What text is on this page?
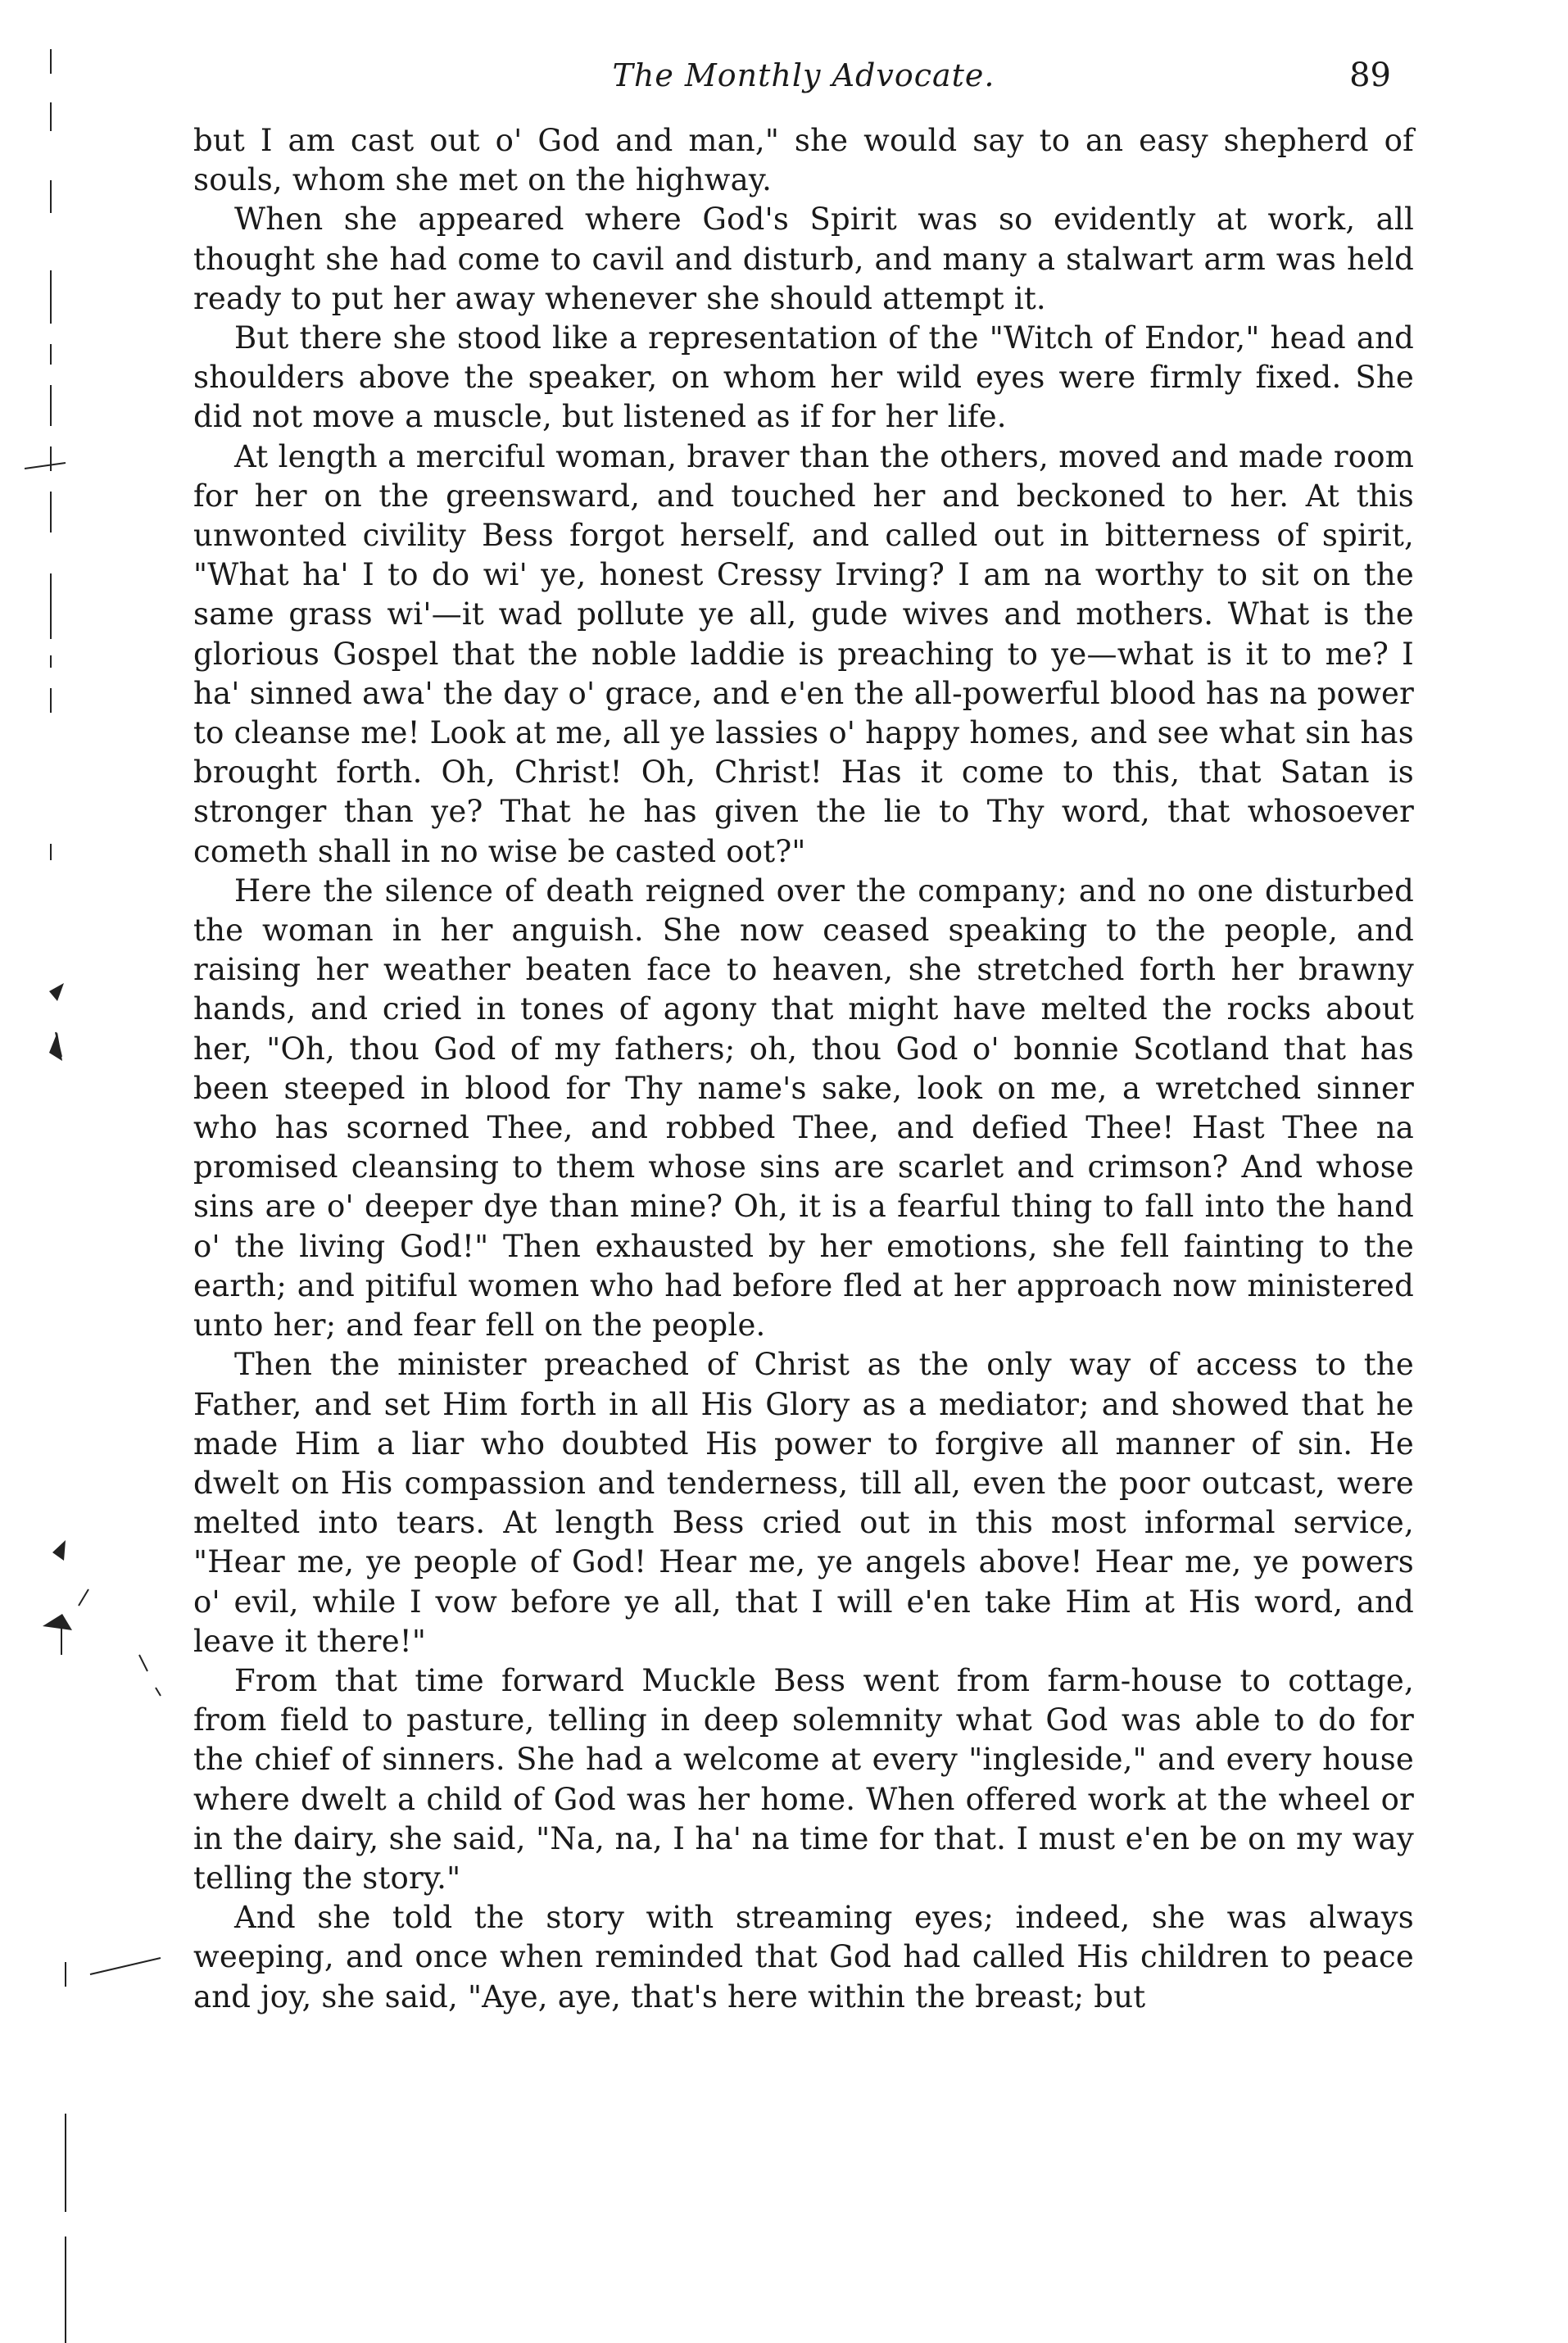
The Monthly Advocate.	89

but I am cast out o' God and man," she would say to an easy shepherd of souls, whom she met on the highway.

When she appeared where God's Spirit was so evidently at work, all thought she had come to cavil and disturb, and many a stalwart arm was held ready to put her away whenever she should attempt it.

But there she stood like a representation of the "Witch of Endor," head and shoulders above the speaker, on whom her wild eyes were firmly fixed. She did not move a muscle, but listened as if for her life.

At length a merciful woman, braver than the others, moved and made room for her on the greensward, and touched her and beckoned to her. At this unwonted civility Bess forgot herself, and called out in bitterness of spirit, "What ha' I to do wi' ye, honest Cressy Irving? I am na worthy to sit on the same grass wi'—it wad pollute ye all, gude wives and mothers. What is the glorious Gospel that the noble laddie is preaching to ye—what is it to me? I ha' sinned awa' the day o' grace, and e'en the all-powerful blood has na power to cleanse me! Look at me, all ye lassies o' happy homes, and see what sin has brought forth. Oh, Christ! Oh, Christ! Has it come to this, that Satan is stronger than ye? That he has given the lie to Thy word, that whosoever cometh shall in no wise be casted oot?"

Here the silence of death reigned over the company; and no one disturbed the woman in her anguish. She now ceased speaking to the people, and raising her weather beaten face to heaven, she stretched forth her brawny hands, and cried in tones of agony that might have melted the rocks about her, "Oh, thou God of my fathers; oh, thou God o' bonnie Scotland that has been steeped in blood for Thy name's sake, look on me, a wretched sinner who has scorned Thee, and robbed Thee, and defied Thee! Hast Thee na promised cleansing to them whose sins are scarlet and crimson? And whose sins are o' deeper dye than mine? Oh, it is a fearful thing to fall into the hand o' the living God!" Then exhausted by her emotions, she fell fainting to the earth; and pitiful women who had before fled at her approach now ministered unto her; and fear fell on the people.

Then the minister preached of Christ as the only way of access to the Father, and set Him forth in all His Glory as a mediator; and showed that he made Him a liar who doubted His power to forgive all manner of sin. He dwelt on His compassion and tenderness, till all, even the poor outcast, were melted into tears. At length Bess cried out in this most informal service, "Hear me, ye people of God! Hear me, ye angels above! Hear me, ye powers o' evil, while I vow before ye all, that I will e'en take Him at His word, and leave it there!"

From that time forward Muckle Bess went from farm-house to cottage, from field to pasture, telling in deep solemnity what God was able to do for the chief of sinners. She had a welcome at every "ingleside," and every house where dwelt a child of God was her home. When offered work at the wheel or in the dairy, she said, "Na, na, I ha' na time for that. I must e'en be on my way telling the story."

And she told the story with streaming eyes; indeed, she was always weeping, and once when reminded that God had called His children to peace and joy, she said, "Aye, aye, that's here within the breast; but
